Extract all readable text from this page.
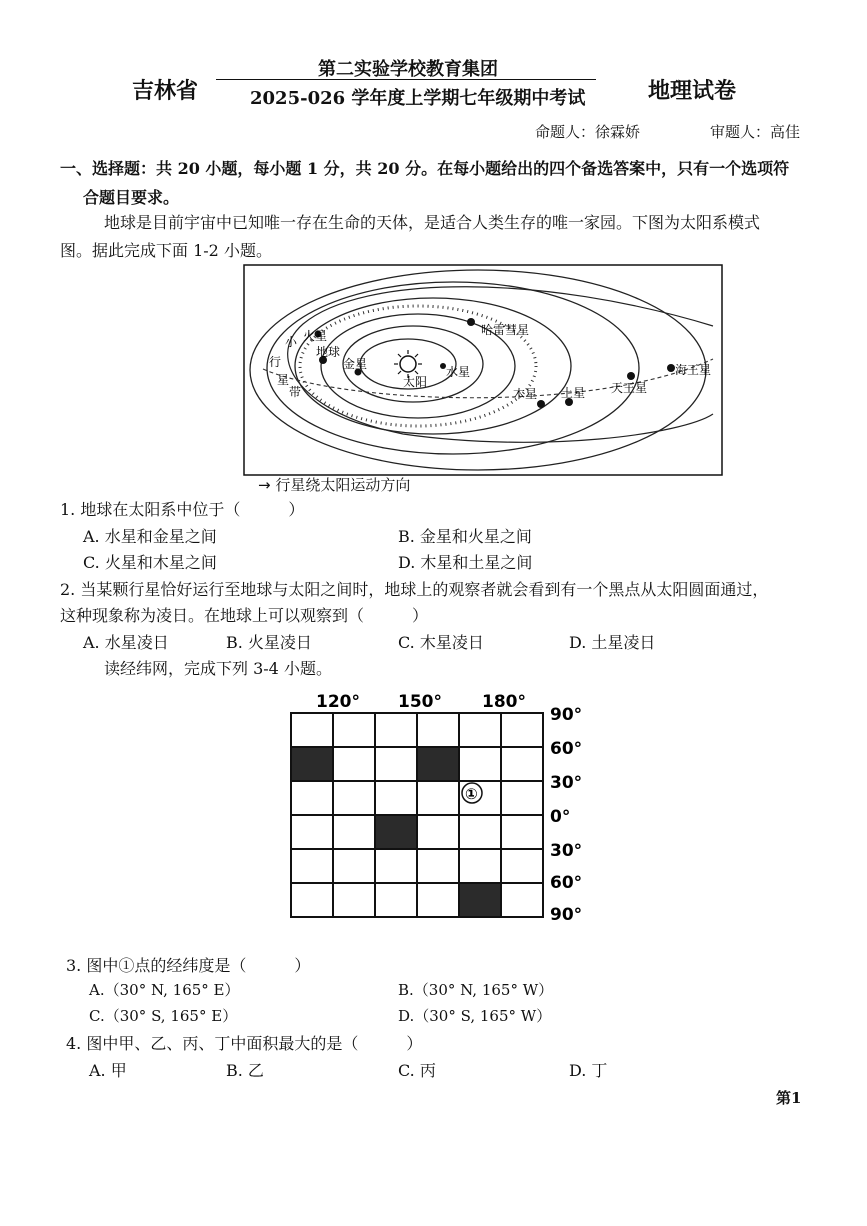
吉林省
第二实验学校教育集团
2025-026 学年度上学期七年级期中考试	地理试卷
命题人：徐霖娇	审题人：高佳
一、选择题：共 20 小题，每小题 1 分，共 20 分。在每小题给出的四个备选答案中，只有一个选项符
合题目要求。
地球是目前宇宙中已知唯一存在生命的天体，是适合人类生存的唯一家园。下图为太阳系模式
图。据此完成下面 1-2 小题。
太阳
水星
金星
地球
火星
木星 土星 天王星
海王星
哈雷彗星
小
行
星
带
→ 行星绕太阳运动方向
1. 地球在太阳系中位于（　　　）
A. 水星和金星之间	B. 金星和火星之间
C. 火星和木星之间	D. 木星和土星之间
2. 当某颗行星恰好运行至地球与太阳之间时，地球上的观察者就会看到有一个黑点从太阳圆面通过，
这种现象称为凌日。在地球上可以观察到（　　　）
A. 水星凌日	B. 火星凌日	C. 木星凌日	D. 土星凌日
读经纬网，完成下列 3-4 小题。
120° 150° 180°
①
90°
60°
30°
0°
30°
60°
90°
3. 图中①点的经纬度是（　　　）
A.（30° N, 165° E）	B.（30° N, 165° W）
C.（30° S, 165° E）	D.（30° S, 165° W）
4. 图中甲、乙、丙、丁中面积最大的是（　　　）
A. 甲	B. 乙	C. 丙	D. 丁
第1
